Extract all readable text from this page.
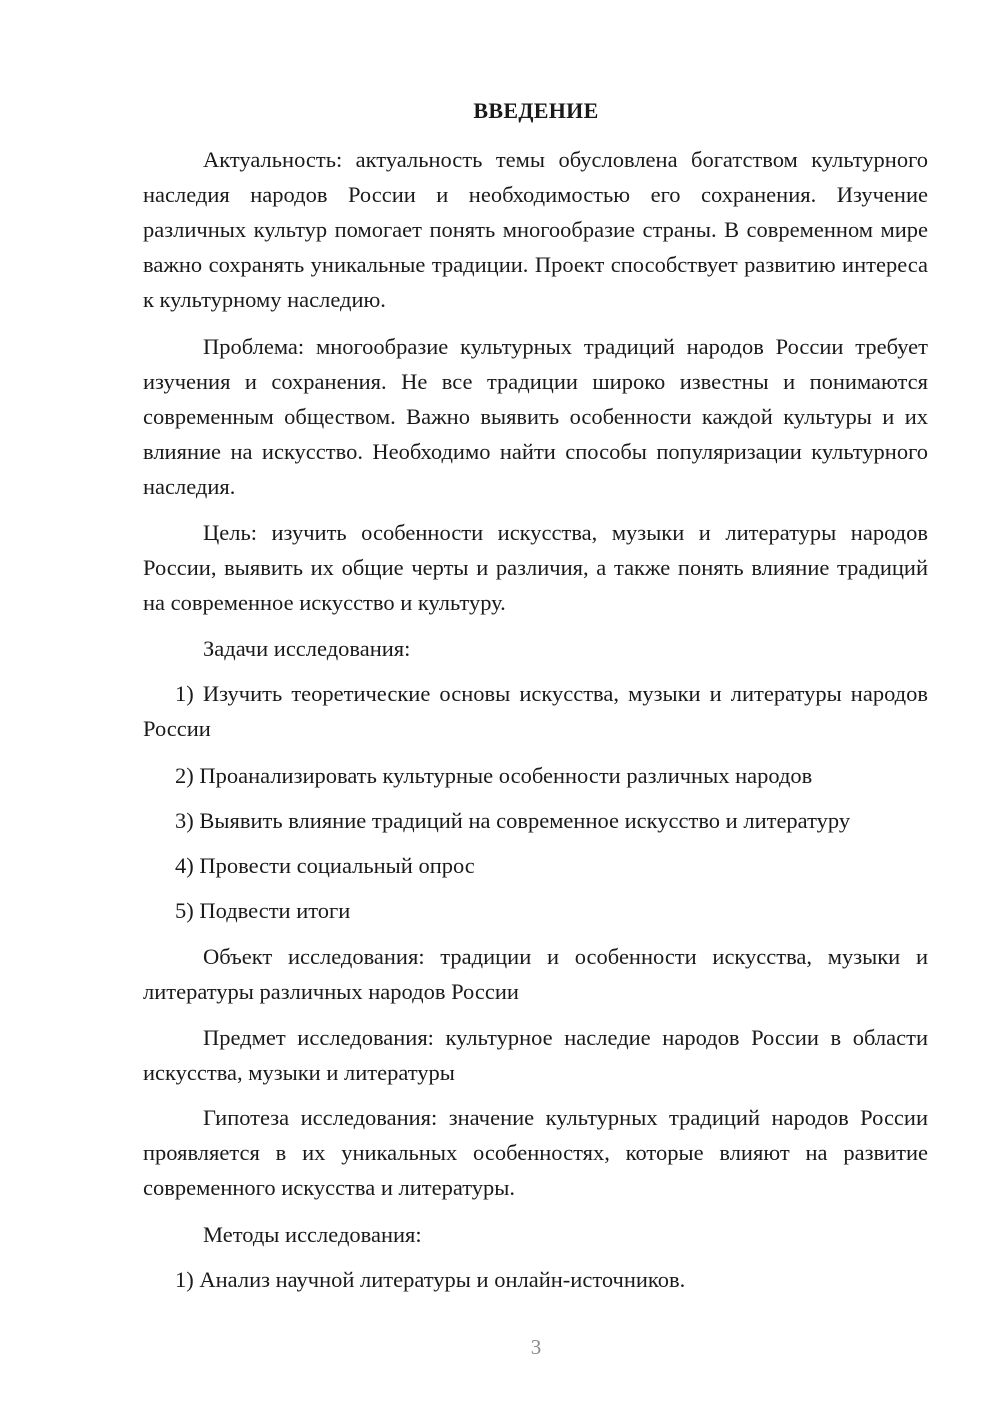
ВВЕДЕНИЕ

Актуальность: актуальность темы обусловлена богатством культурного наследия народов России и необходимостью его сохранения. Изучение различных культур помогает понять многообразие страны. В современном мире важно сохранять уникальные традиции. Проект способствует развитию интереса к культурному наследию.

Проблема: многообразие культурных традиций народов России требует изучения и сохранения. Не все традиции широко известны и понимаются современным обществом. Важно выявить особенности каждой культуры и их влияние на искусство. Необходимо найти способы популяризации культурного наследия.

Цель: изучить особенности искусства, музыки и литературы народов России, выявить их общие черты и различия, а также понять влияние традиций на современное искусство и культуру.

Задачи исследования:

1) Изучить теоретические основы искусства, музыки и литературы народов России

2) Проанализировать культурные особенности различных народов

3) Выявить влияние традиций на современное искусство и литературу

4) Провести социальный опрос

5) Подвести итоги

Объект исследования: традиции и особенности искусства, музыки и литературы различных народов России

Предмет исследования: культурное наследие народов России в области искусства, музыки и литературы

Гипотеза исследования: значение культурных традиций народов России проявляется в их уникальных особенностях, которые влияют на развитие современного искусства и литературы.

Методы исследования:

1) Анализ научной литературы и онлайн-источников.

3
